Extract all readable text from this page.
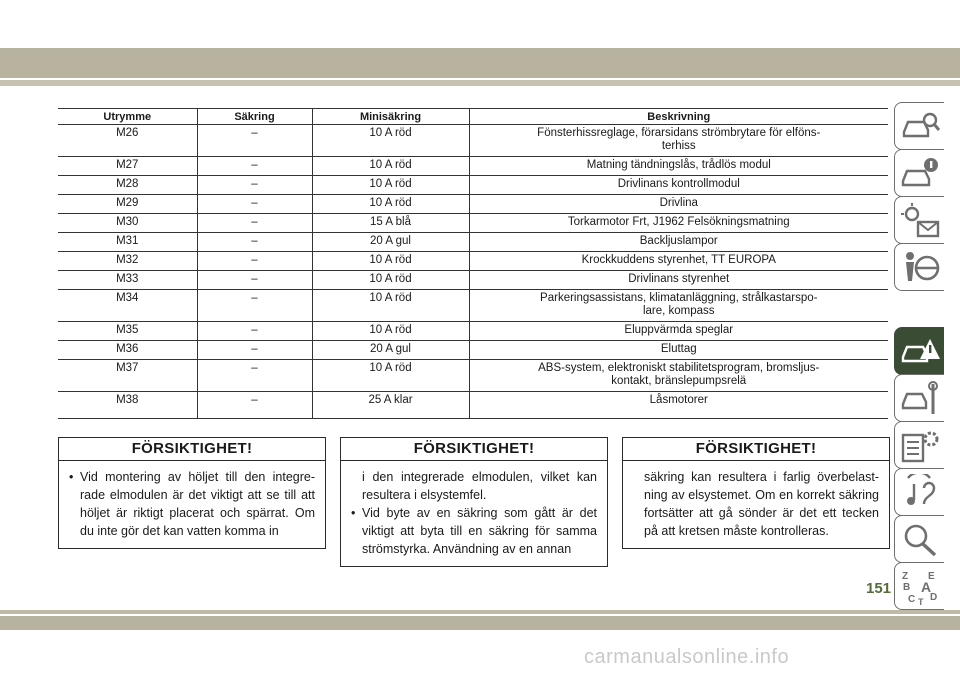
Utrymme	Säkring	Minisäkring	Beskrivning
M26	–	10 A röd	Fönsterhissreglage, förarsidans strömbrytare för elföns-
terhiss
M27	–	10 A röd	Matning tändningslås, trådlös modul
M28	–	10 A röd	Drivlinans kontrollmodul
M29	–	10 A röd	Drivlina
M30	–	15 A blå	Torkarmotor Frt, J1962 Felsökningsmatning
M31	–	20 A gul	Backljuslampor
M32	–	10 A röd	Krockkuddens styrenhet, TT EUROPA
M33	–	10 A röd	Drivlinans styrenhet
M34	–	10 A röd	Parkeringsassistans, klimatanläggning, strålkastarspo-
lare, kompass
M35	–	10 A röd	Eluppvärmda speglar
M36	–	20 A gul	Eluttag
M37	–	10 A röd	ABS-system, elektroniskt stabilitetsprogram, bromsljus-
kontakt, bränslepumpsrelä
M38	–	25 A klar	Låsmotorer
FÖRSIKTIGHET!
• Vid montering av höljet till den integre-rade elmodulen är det viktigt att se till att höljet är riktigt placerat och spärrat. Om du inte gör det kan vatten komma in
FÖRSIKTIGHET!
i den integrerade elmodulen, vilket kan resultera i elsystemfel.
• Vid byte av en säkring som gått är det viktigt att byta till en säkring för samma strömstyrka. Användning av en annan
FÖRSIKTIGHET!
säkring kan resultera i farlig överbelast-ning av elsystemet. Om en korrekt säkring fortsätter att gå sönder är det ett tecken på att kretsen måste kontrolleras.
Z E
B A
C D
T
151
carmanualsonline.info
